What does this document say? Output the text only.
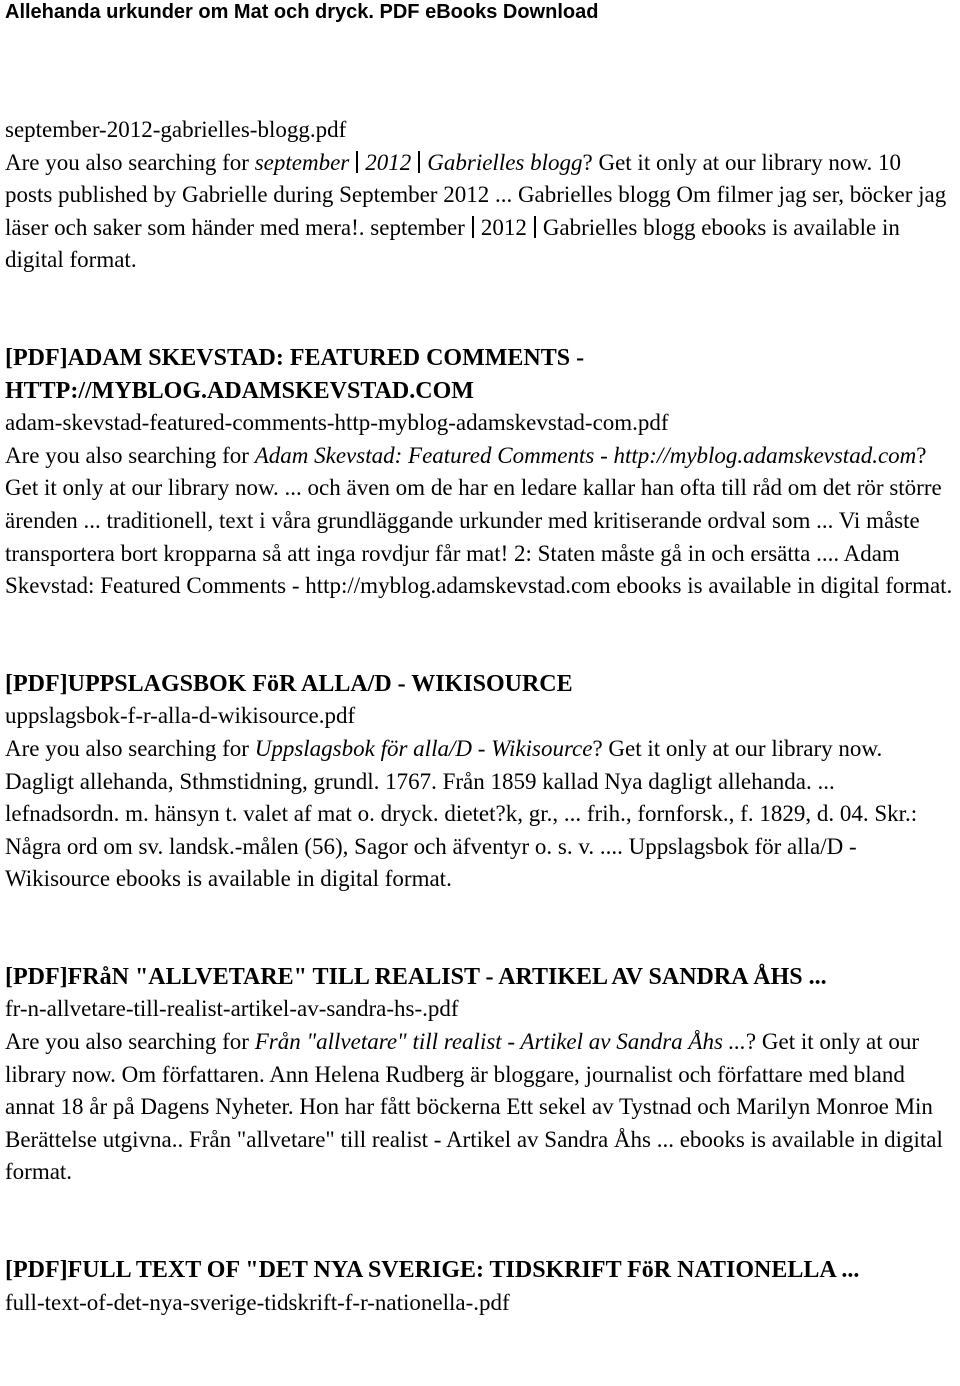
Allehanda urkunder om Mat och dryck. PDF eBooks Download

september-2012-gabrielles-blogg.pdf

Are you also searching for september 2012 Gabrielles blogg? Get it only at our library now. 10 posts published by Gabrielle during September 2012 ... Gabrielles blogg Om filmer jag ser, böcker jag läser och saker som händer med mera!. september 2012 Gabrielles blogg ebooks is available in digital format.

[PDF]ADAM SKEVSTAD: FEATURED COMMENTS - HTTP://MYBLOG.ADAMSKEVSTAD.COM

adam-skevstad-featured-comments-http-myblog-adamskevstad-com.pdf

Are you also searching for Adam Skevstad: Featured Comments - http://myblog.adamskevstad.com? Get it only at our library now. ... och även om de har en ledare kallar han ofta till råd om det rör större ärenden ... traditionell, text i våra grundläggande urkunder med kritiserande ordval som ... Vi måste transportera bort kropparna så att inga rovdjur får mat! 2: Staten måste gå in och ersätta .... Adam Skevstad: Featured Comments - http://myblog.adamskevstad.com ebooks is available in digital format.

[PDF]UPPSLAGSBOK FöR ALLA/D - WIKISOURCE

uppslagsbok-f-r-alla-d-wikisource.pdf

Are you also searching for Uppslagsbok för alla/D - Wikisource? Get it only at our library now. Dagligt allehanda, Sthmstidning, grundl. 1767. Från 1859 kallad Nya dagligt allehanda. ... lefnadsordn. m. hänsyn t. valet af mat o. dryck. dietet?k, gr., ... frih., fornforsk., f. 1829, d. 04. Skr.: Några ord om sv. landsk.-målen (56), Sagor och äfventyr o. s. v. .... Uppslagsbok för alla/D - Wikisource ebooks is available in digital format.

[PDF]FRåN "ALLVETARE" TILL REALIST - ARTIKEL AV SANDRA ÅHS ...

fr-n-allvetare-till-realist-artikel-av-sandra-hs-.pdf

Are you also searching for Från "allvetare" till realist - Artikel av Sandra Åhs ...? Get it only at our library now. Om författaren. Ann Helena Rudberg är bloggare, journalist och författare med bland annat 18 år på Dagens Nyheter. Hon har fått böckerna Ett sekel av Tystnad och Marilyn Monroe Min Berättelse utgivna.. Från "allvetare" till realist - Artikel av Sandra Åhs ... ebooks is available in digital format.

[PDF]FULL TEXT OF "DET NYA SVERIGE: TIDSKRIFT FöR NATIONELLA ...

full-text-of-det-nya-sverige-tidskrift-f-r-nationella-.pdf
